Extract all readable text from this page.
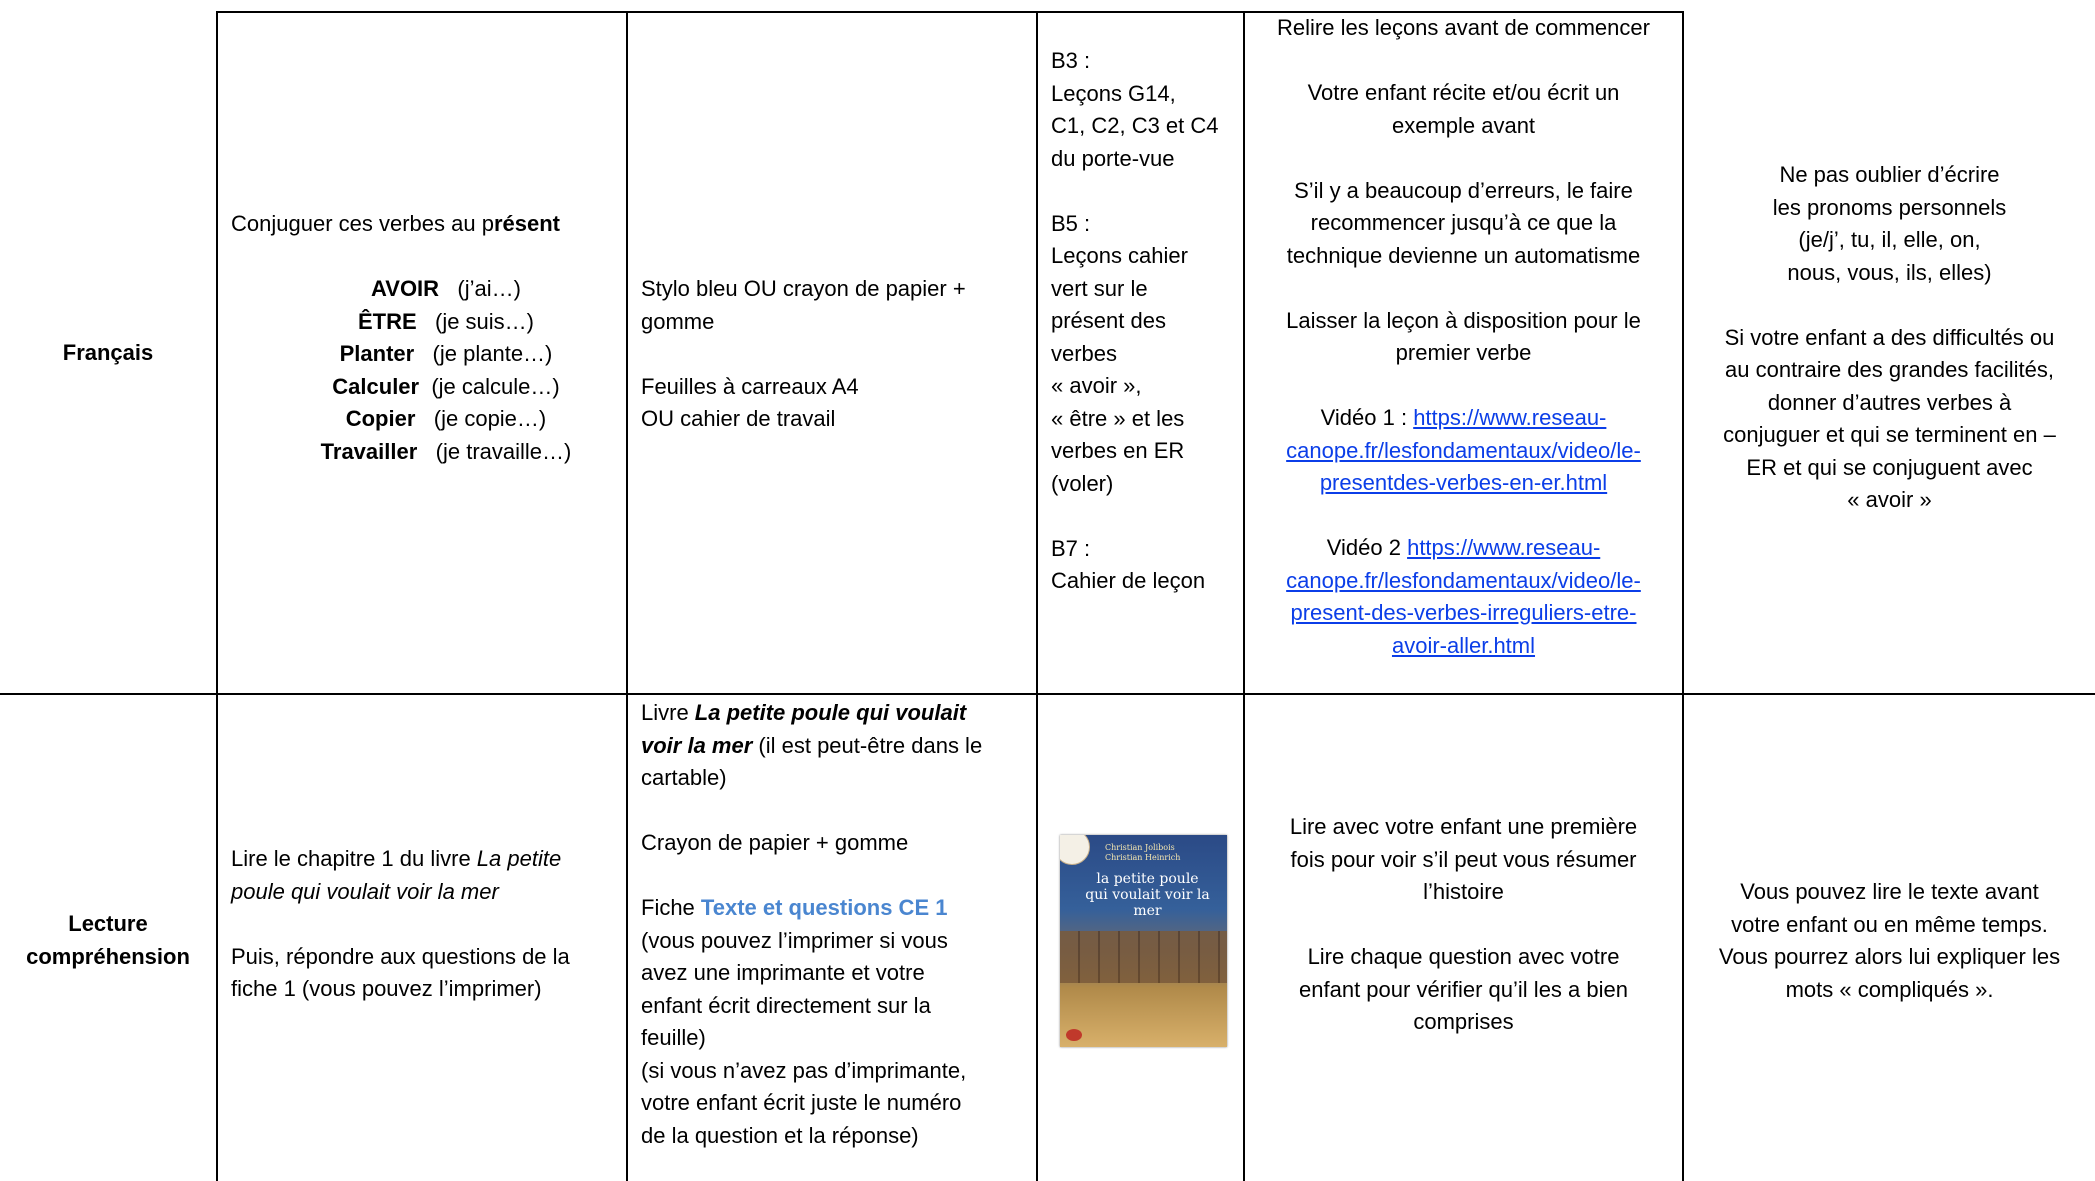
Français

Conjuguer ces verbes au présent

AVOIR (j’ai…)

ÊTRE (je suis…)

Planter (je plante…)

Calculer (je calcule…)

Copier (je copie…)

Travailler (je travaille…)

Stylo bleu OU crayon de papier +

gomme

Feuilles à carreaux A4

OU cahier de travail

B3 :

Leçons G14,

C1, C2, C3 et C4

du porte-vue

B5 :

Leçons cahier

vert sur le

présent des

verbes

« avoir »,

« être » et les

verbes en ER

(voler)

B7 :

Cahier de leçon

Relire les leçons avant de commencer

Votre enfant récite et/ou écrit un

exemple avant

S’il y a beaucoup d’erreurs, le faire

recommencer jusqu’à ce que la

technique devienne un automatisme

Laisser la leçon à disposition pour le

premier verbe

Vidéo 1 : https://www.reseau-

canope.fr/lesfondamentaux/video/le-

presentdes-verbes-en-er.html

Vidéo 2 https://www.reseau-

canope.fr/lesfondamentaux/video/le-

present-des-verbes-irreguliers-etre-

avoir-aller.html

Ne pas oublier d’écrire

les pronoms personnels

(je/j’, tu, il, elle, on,

nous, vous, ils, elles)

Si votre enfant a des difficultés ou

au contraire des grandes facilités,

donner d’autres verbes à

conjuguer et qui se terminent en –

ER et qui se conjuguent avec

« avoir »

Lecture

compréhension

Lire le chapitre 1 du livre La petite

poule qui voulait voir la mer

Puis, répondre aux questions de la

fiche 1 (vous pouvez l’imprimer)

Livre La petite poule qui voulait

voir la mer (il est peut-être dans le

cartable)

Crayon de papier + gomme

Fiche Texte et questions CE 1

(vous pouvez l’imprimer si vous

avez une imprimante et votre

enfant écrit directement sur la

feuille)

(si vous n’avez pas d’imprimante,

votre enfant écrit juste le numéro

de la question et la réponse)

Christian Jolibois
Christian Heinrich
la petite poule
qui voulait voir la mer

Lire avec votre enfant une première

fois pour voir s’il peut vous résumer

l’histoire

Lire chaque question avec votre

enfant pour vérifier qu’il les a bien

comprises

Vous pouvez lire le texte avant

votre enfant ou en même temps.

Vous pourrez alors lui expliquer les

mots « compliqués ».
